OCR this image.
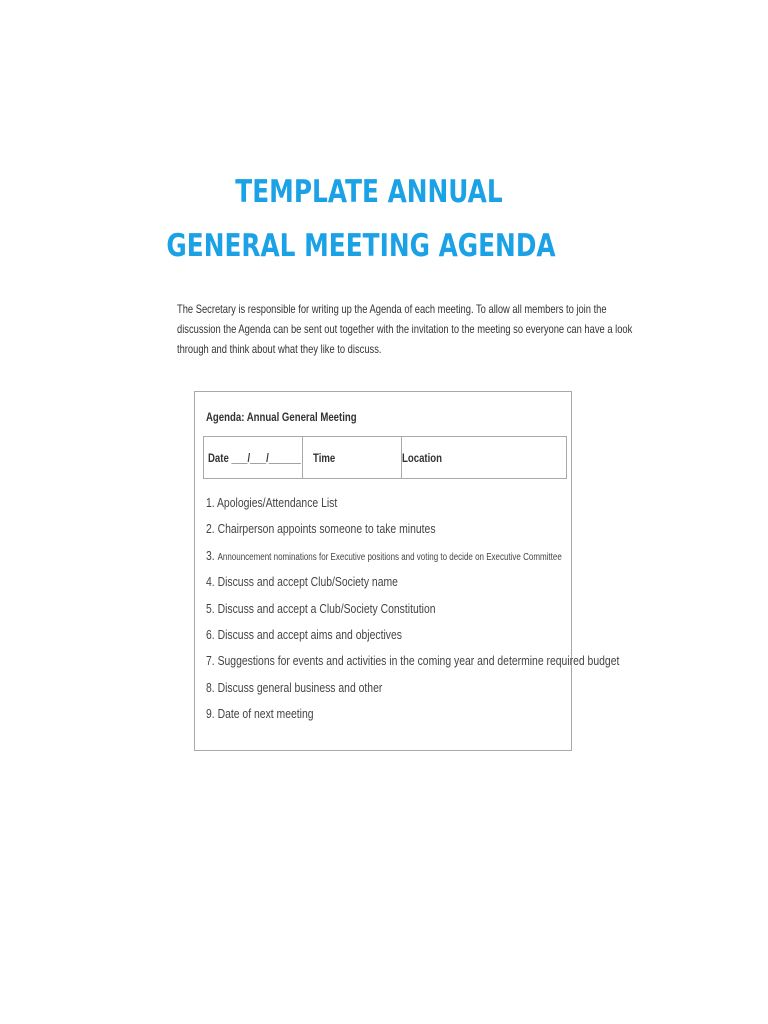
TEMPLATE ANNUAL
GENERAL MEETING AGENDA

The Secretary is responsible for writing up the Agenda of each meeting. To allow all members to join the

discussion the Agenda can be sent out together with the invitation to the meeting so everyone can have a look

through and think about what they like to discuss.

Agenda: Annual General Meeting
Date ___/___/______ Time	Location
1. Apologies/Attendance List
2. Chairperson appoints someone to take minutes
3. Announcement nominations for Executive positions and voting to decide on Executive Committee
4. Discuss and accept Club/Society name
5. Discuss and accept a Club/Society Constitution
6. Discuss and accept aims and objectives
7. Suggestions for events and activities in the coming year and determine required budget
8. Discuss general business and other
9. Date of next meeting
